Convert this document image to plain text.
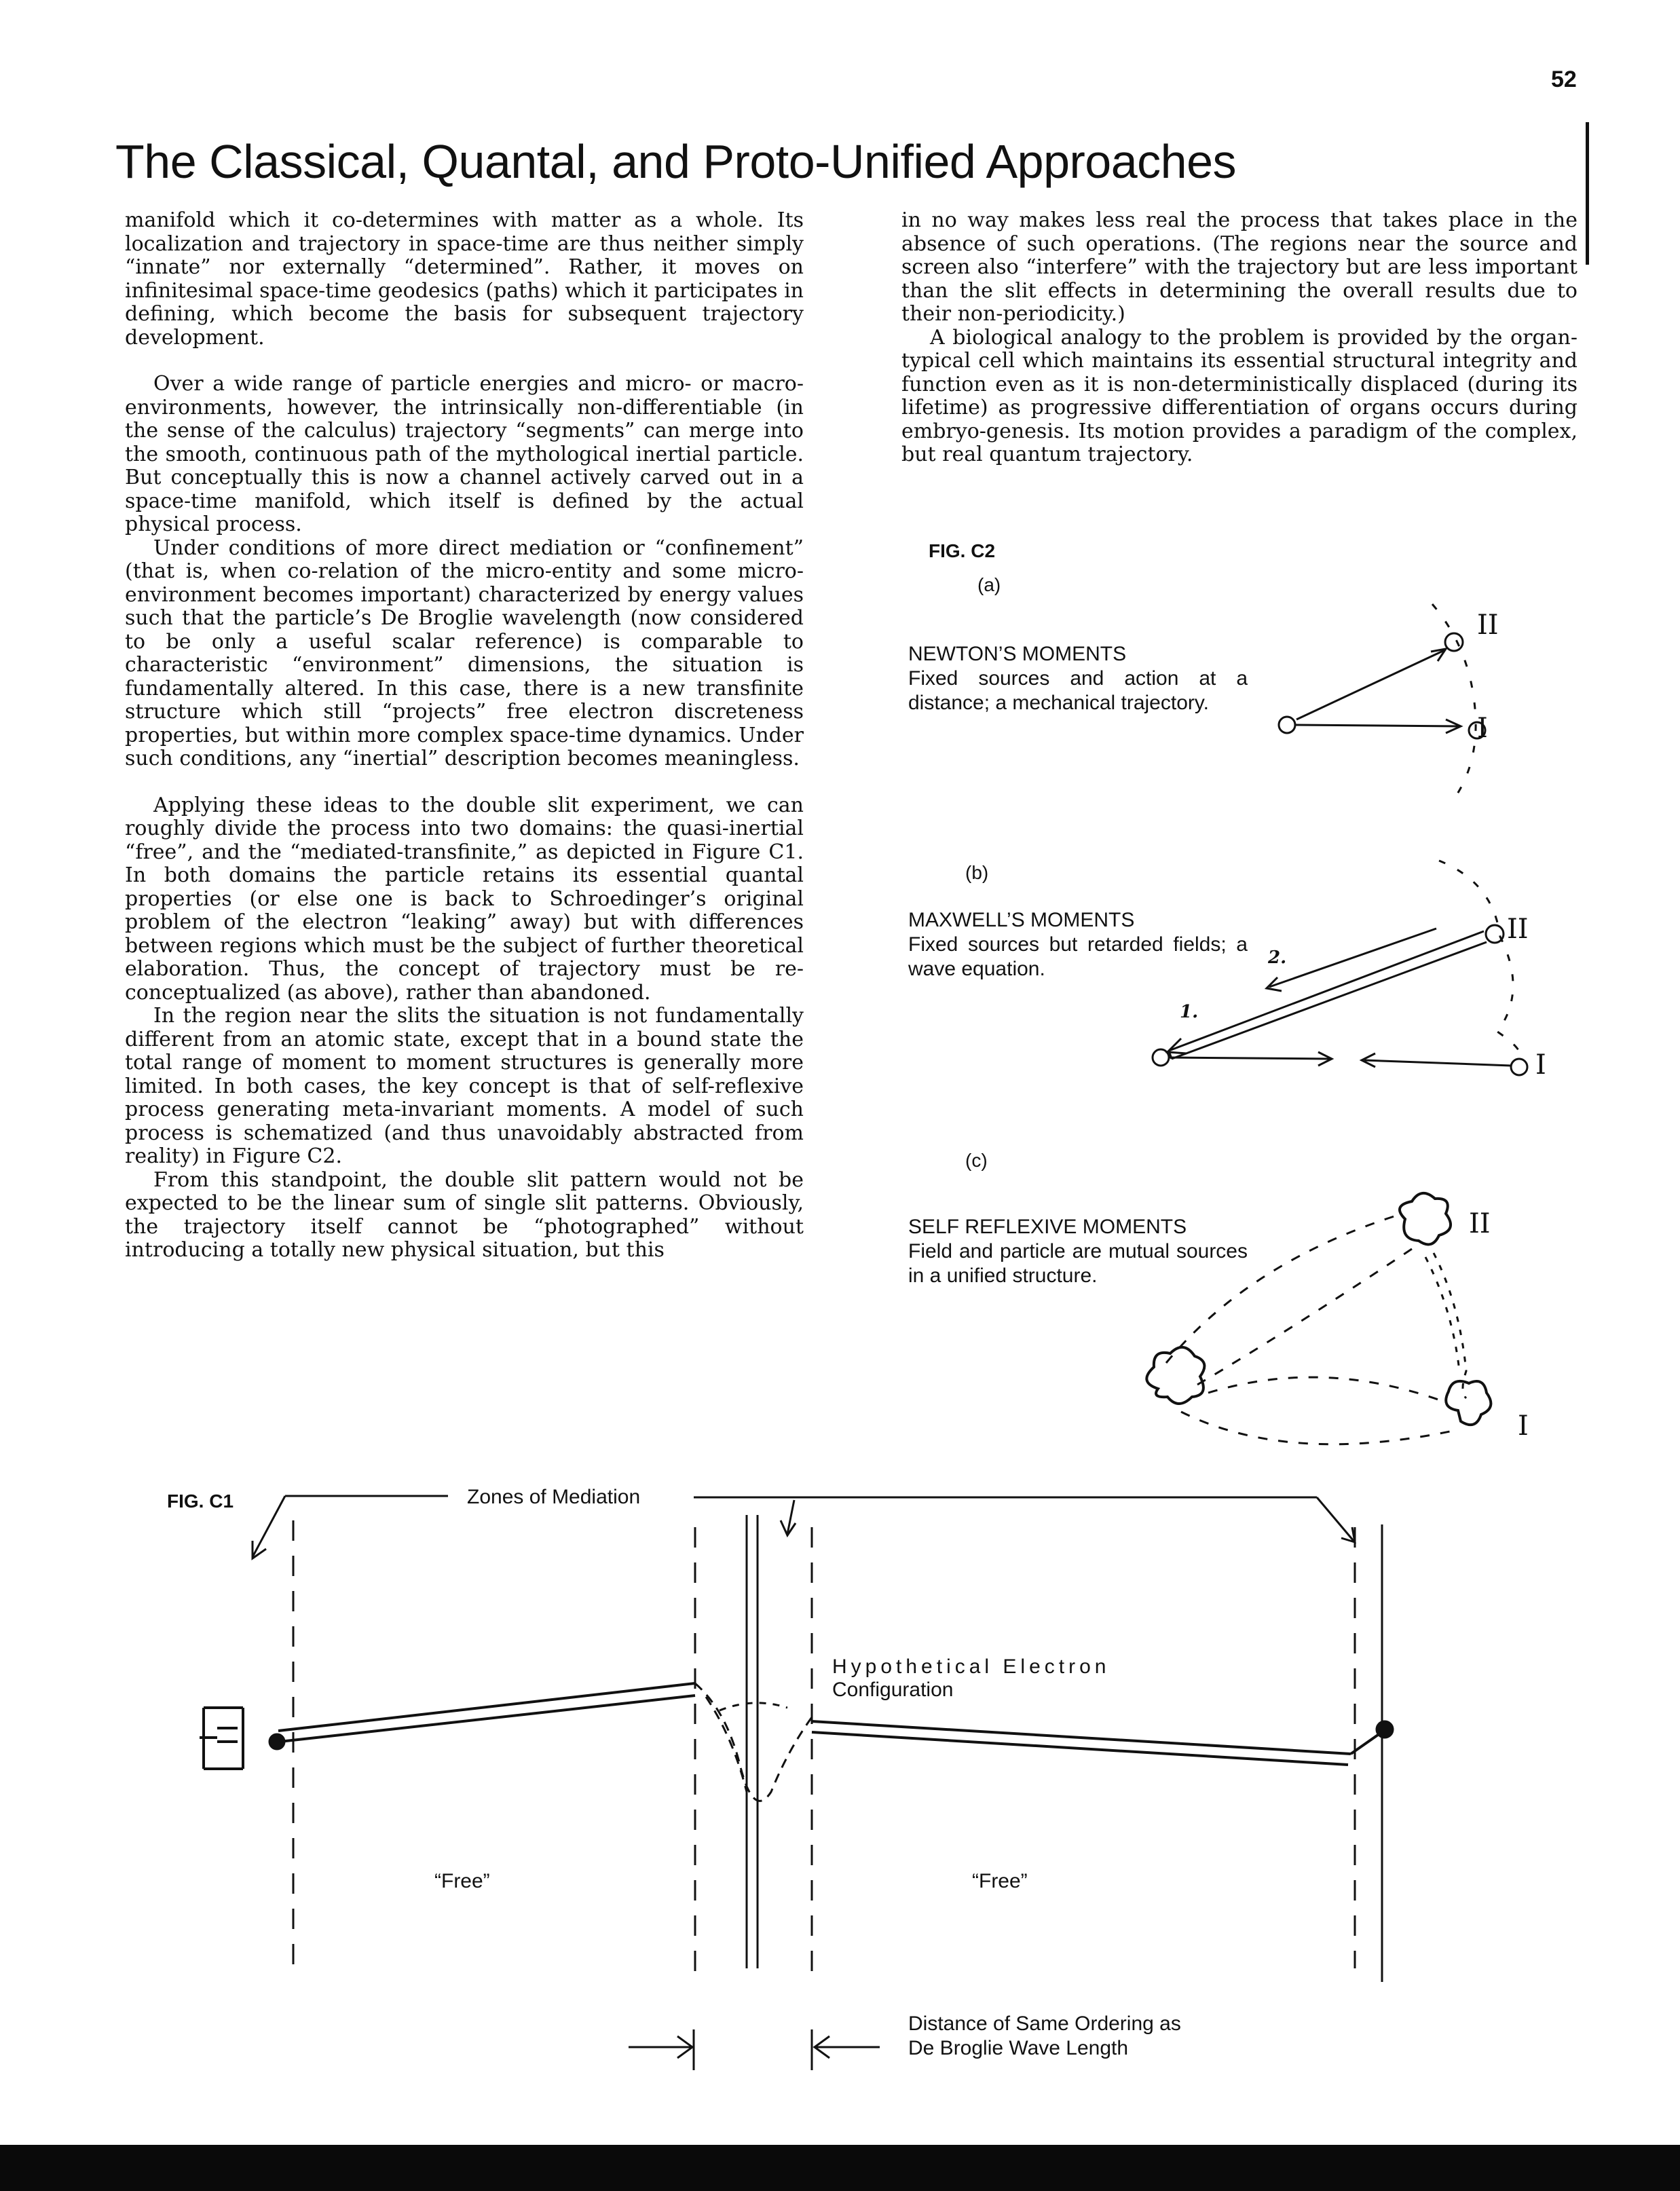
52
The Classical, Quantal, and Proto-Unified Approaches

manifold which it co-determines with matter as a whole. Its localization and trajectory in space-time are thus neither simply “innate” nor externally “determined”. Rather, it moves on infinitesimal space-time geodesics (paths) which it participates in defining, which become the basis for subsequent trajectory development.

Over a wide range of particle energies and micro- or macro-environments, however, the intrinsically non-differentiable (in the sense of the calculus) trajectory “segments” can merge into the smooth, continuous path of the mythological inertial particle. But conceptually this is now a channel actively carved out in a space-time manifold, which itself is defined by the actual physical process.

Under conditions of more direct mediation or “confinement” (that is, when co-relation of the micro-entity and some micro-environment becomes important) characterized by energy values such that the particle’s De Broglie wavelength (now considered to be only a useful scalar reference) is comparable to characteristic “environment” dimensions, the situation is fundamentally altered. In this case, there is a new transfinite structure which still “projects” free electron discreteness properties, but within more complex space-time dynamics. Under such conditions, any “inertial” description becomes meaningless.

Applying these ideas to the double slit experiment, we can roughly divide the process into two domains: the quasi-inertial “free”, and the “mediated-transfinite,” as depicted in Figure C1. In both domains the particle retains its essential quantal properties (or else one is back to Schroedinger’s original problem of the electron “leaking” away) but with differences between regions which must be the subject of further theoretical elaboration. Thus, the concept of trajectory must be re-conceptualized (as above), rather than abandoned.

In the region near the slits the situation is not fundamentally different from an atomic state, except that in a bound state the total range of moment to moment structures is generally more limited. In both cases, the key concept is that of self-reflexive process generating meta-invariant moments. A model of such process is schematized (and thus unavoidably abstracted from reality) in Figure C2.

From this standpoint, the double slit pattern would not be expected to be the linear sum of single slit patterns. Obviously, the trajectory itself cannot be “photographed” without introducing a totally new physical situation, but this

in no way makes less real the process that takes place in the absence of such operations. (The regions near the source and screen also “interfere” with the trajectory but are less important than the slit effects in determining the overall results due to their non-periodicity.)

A biological analogy to the problem is provided by the organ-typical cell which maintains its essential structural integrity and function even as it is non-deterministically displaced (during its lifetime) as progressive differentiation of organs occurs during embryo-genesis. Its motion provides a paradigm of the complex, but real quantum trajectory.

FIG. C2
(a)
NEWTON’S MOMENTS
Fixed sources and action at a distance; a mechanical trajectory.
(b)
MAXWELL’S MOMENTS
Fixed sources but retarded fields; a wave equation.
(c)
SELF REFLEXIVE MOMENTS
Field and particle are mutual sources in a unified structure.
II
I
II
I
2.
1.
II
I
FIG. C1	Zones of Mediation
Hypothetical Electron
Configuration
“Free”	“Free”
Distance of Same Ordering as
De Broglie Wave Length
